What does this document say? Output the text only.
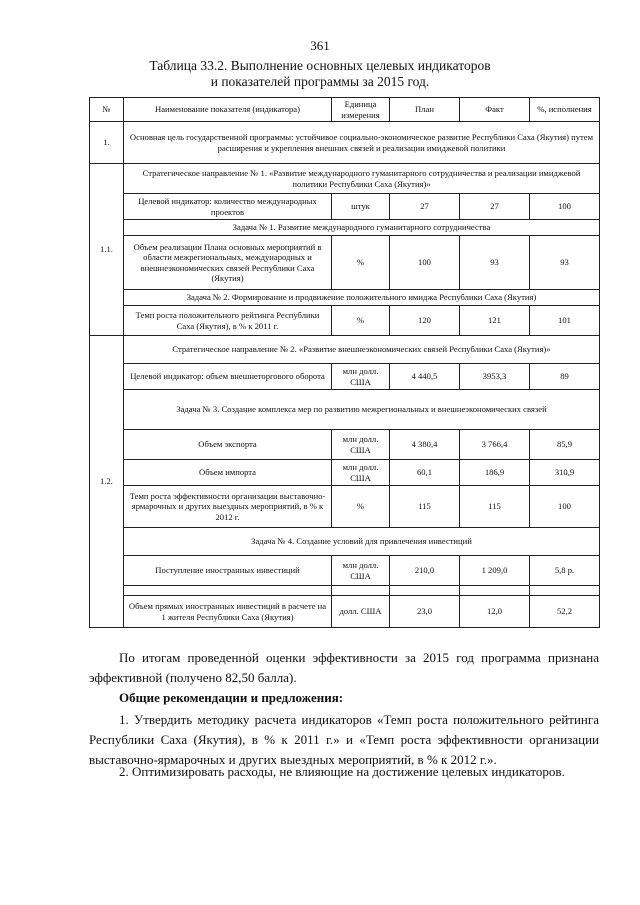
361
Таблица 33.2. Выполнение основных целевых индикаторов
и показателей программы за 2015 год.
№	Наименование показателя (индикатора)	Единица измерения	План	Факт	%, исполнения
1.	Основная цель государственной программы: устойчивое социально-экономическое развитие Республики Саха (Якутия) путем расширения и укрепления внешних связей и реализации имиджевой политики				
1.1.	Стратегическое направление № 1. «Развитие международного гуманитарного сотрудничества и реализации имиджевой политики Республики Саха (Якутия)»				
	Целевой индикатор: количество международных проектов	штук	27	27	100
	Задача № 1. Развитие международного гуманитарного сотрудничества				
	Объем реализации Плана основных мероприятий в области межрегиональных, международных и внешнеэкономических связей Республики Саха (Якутия)	%	100	93	93
	Задача № 2. Формирование и продвижение положительного имиджа Республики Саха (Якутия)				
	Темп роста положительного рейтинга Республики Саха (Якутия), в % к 2011 г.	%	120	121	101
1.2.	Стратегическое направление № 2. «Развитие внешнеэкономических связей Республики Саха (Якутия)»				
	Целевой индикатор: объем внешнеторгового оборота	млн долл. США	4 440,5	3953,3	89
	Задача № 3. Создание комплекса мер по развитию межрегиональных и внешнеэкономических связей				
	Объем экспорта	млн долл. США	4 380,4	3 766,4	85,9
	Объем импорта	млн долл. США	60,1	186,9	310,9
	Темп роста эффективности организации выставочно-ярмарочных и других выездных мероприятий, в % к 2012 г.	%	115	115	100
	Задача № 4. Создание условий для привлечения инвестиций				
	Поступление иностранных инвестиций	млн долл. США	210,0	1 209,0	5,8 р.

	Объем прямых иностранных инвестиций в расчете на 1 жителя Республики Саха (Якутия)	долл. США	23,0	12,0	52,2
По итогам проведенной оценки эффективности за 2015 год программа признана эффективной (получено 82,50 балла).
Общие рекомендации и предложения:
1. Утвердить методику расчета индикаторов «Темп роста положительного рейтинга Республики Саха (Якутия), в % к 2011 г.» и «Темп роста эффективности организации выставочно-ярмарочных и других выездных мероприятий, в % к 2012 г.».
2. Оптимизировать расходы, не влияющие на достижение целевых индикаторов.
